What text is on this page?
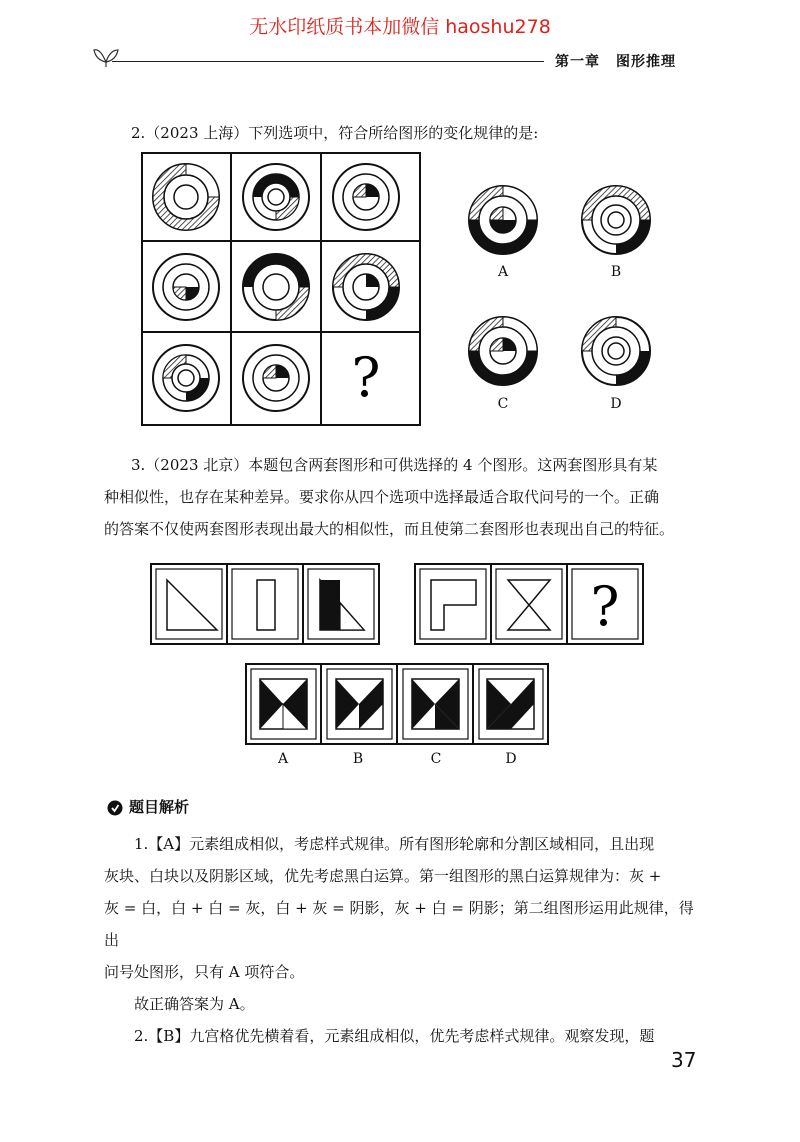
无水印纸质书本加微信 haoshu278
第一章 图形推理
2.（2023 上海）下列选项中，符合所给图形的变化规律的是:
?
A	B
C	D
3.（2023 北京）本题包含两套图形和可供选择的 4 个图形。这两套图形具有某
种相似性，也存在某种差异。要求你从四个选项中选择最适合取代问号的一个。正确
的答案不仅使两套图形表现出最大的相似性，而且使第二套图形也表现出自己的特征。
?
A	B	C	D
题目解析
1.【A】元素组成相似，考虑样式规律。所有图形轮廓和分割区域相同，且出现
灰块、白块以及阴影区域，优先考虑黑白运算。第一组图形的黑白运算规律为：灰 +
灰 = 白，白 + 白 = 灰，白 + 灰 = 阴影，灰 + 白 = 阴影；第二组图形运用此规律，得出
问号处图形，只有 A 项符合。
故正确答案为 A。
2.【B】九宫格优先横着看，元素组成相似，优先考虑样式规律。观察发现，题
37
